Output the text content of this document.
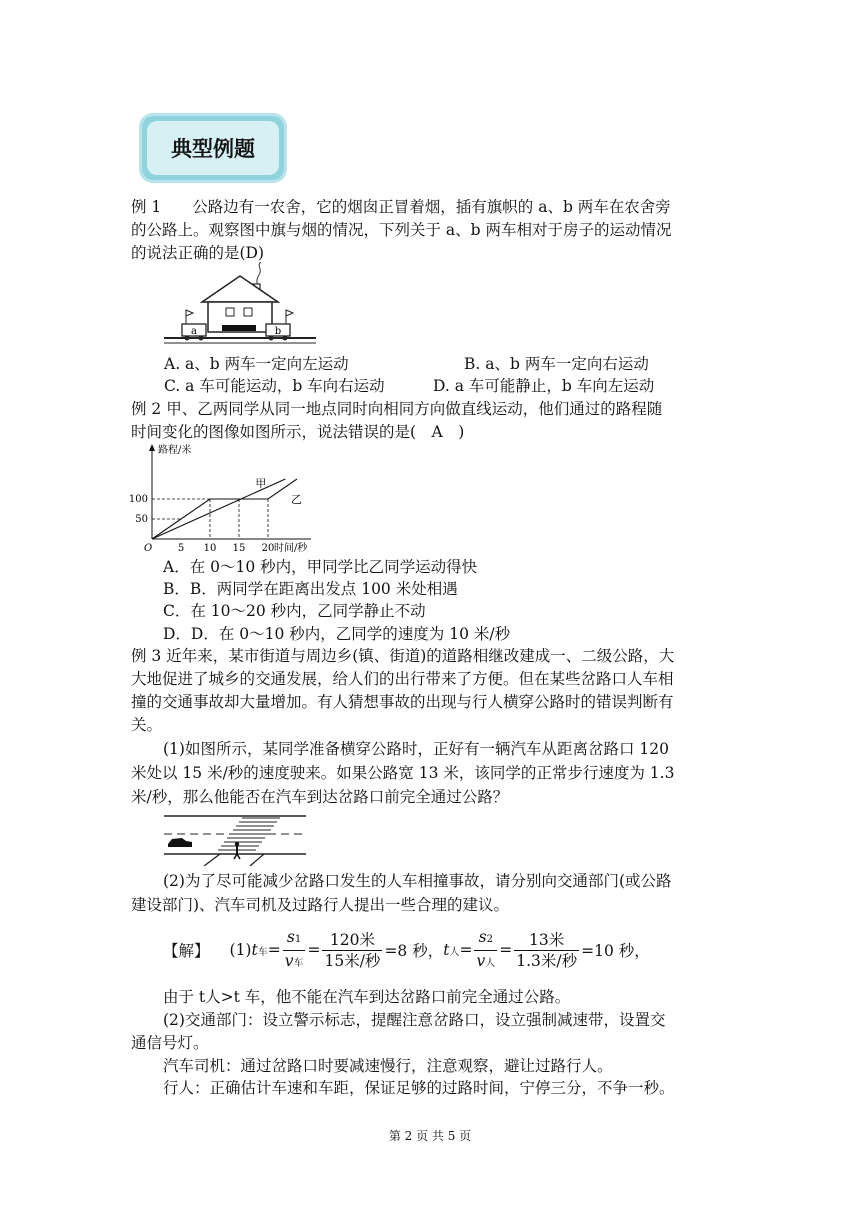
典型例题
例 1　　公路边有一农舍，它的烟囱正冒着烟，插有旗帜的 a、b 两车在农舍旁
的公路上。观察图中旗与烟的情况，下列关于 a、b 两车相对于房子的运动情况
的说法正确的是(D)
a	b
A. a、b 两车一定向左运动	B. a、b 两车一定向右运动
C. a 车可能运动，b 车向右运动	D. a 车可能静止，b 车向左运动
例 2 甲、乙两同学从同一地点同时向相同方向做直线运动，他们通过的路程随
时间变化的图像如图所示，说法错误的是(　A　)
甲
乙
5 10 15 20
50
100
O
路程/米
时间/秒
A．在 0～10 秒内，甲同学比乙同学运动得快
B．B．两同学在距离出发点 100 米处相遇
C．在 10～20 秒内，乙同学静止不动
D．D．在 0～10 秒内，乙同学的速度为 10 米/秒
例 3 近年来，某市街道与周边乡(镇、街道)的道路相继改建成一、二级公路，大
大地促进了城乡的交通发展，给人们的出行带来了方便。但在某些岔路口人车相
撞的交通事故却大量增加。有人猜想事故的出现与行人横穿公路时的错误判断有
关。
(1)如图所示，某同学准备横穿公路时，正好有一辆汽车从距离岔路口 120
米处以 15 米/秒的速度驶来。如果公路宽 13 米，该同学的正常步行速度为 1.3
米/秒，那么他能否在汽车到达岔路口前完全通过公路？
(2)为了尽可能减少岔路口发生的人车相撞事故，请分别向交通部门(或公路
建设部门)、汽车司机及过路行人提出一些合理的建议。
【解】 (1) t 车 = $\frac{s1}{\text{v车}} = \frac{\text{120米}}{\text{15米/秒}} =8$ 秒， t 人 = $\frac{s2}{\text{v人}} = \frac{\text{13米}}{\text{1.3米/秒}} =10$ 秒，
由于 t人>t 车，他不能在汽车到达岔路口前完全通过公路。
(2)交通部门：设立警示标志，提醒注意岔路口，设立强制减速带，设置交
通信号灯。
汽车司机：通过岔路口时要减速慢行，注意观察，避让过路行人。
行人：正确估计车速和车距，保证足够的过路时间，宁停三分，不争一秒。
第 2 页 共 5 页
